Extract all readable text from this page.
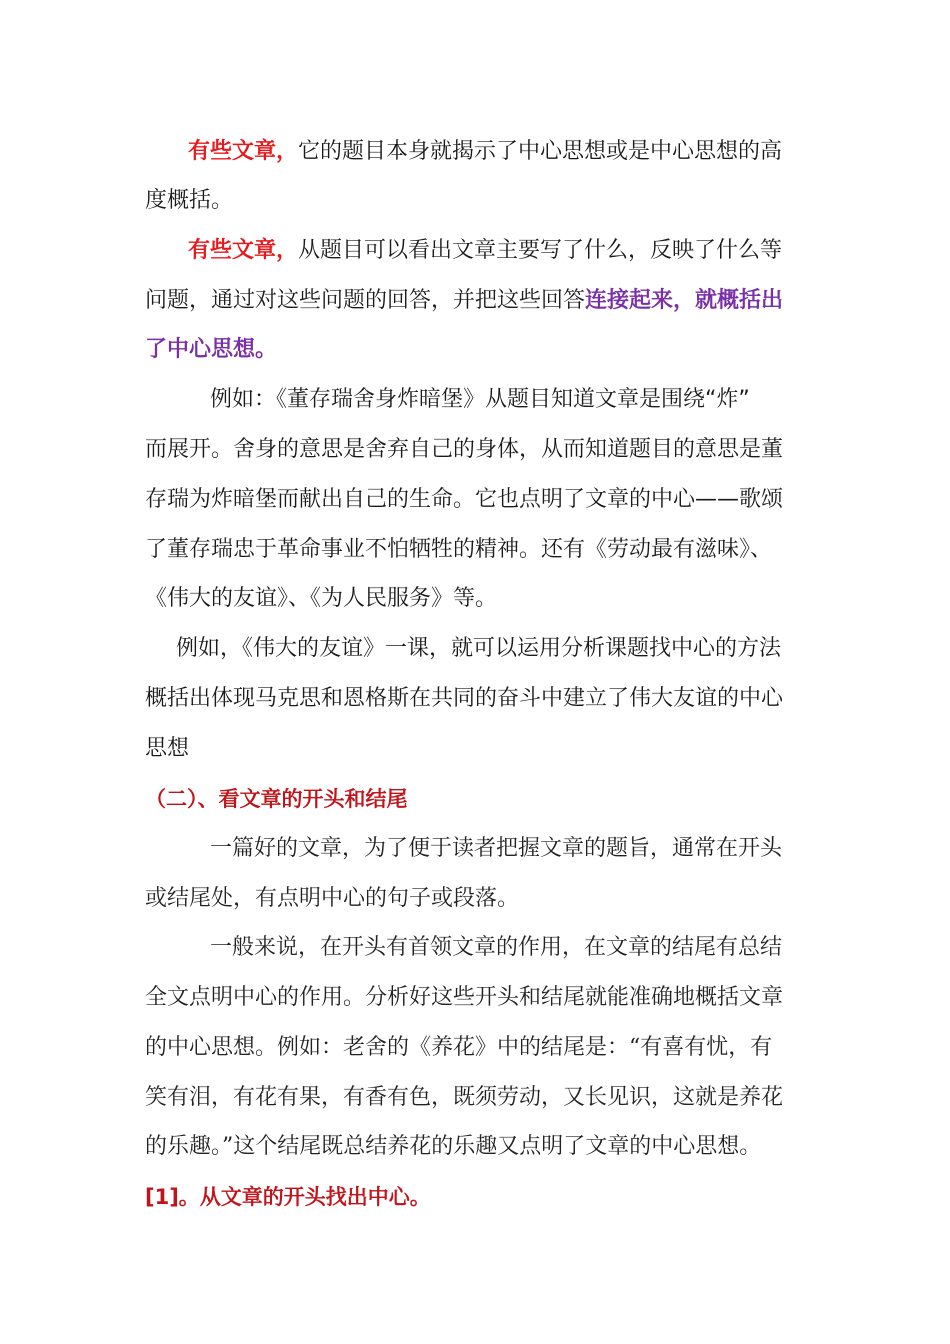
有些文章，它的题目本身就揭示了中心思想或是中心思想的高
度概括。
有些文章，从题目可以看出文章主要写了什么，反映了什么等
问题，通过对这些问题的回答，并把这些回答连接起来，就概括出
了中心思想。
例如：《董存瑞舍身炸暗堡》从题目知道文章是围绕“炸”
而展开。舍身的意思是舍弃自己的身体，从而知道题目的意思是董
存瑞为炸暗堡而献出自己的生命。它也点明了文章的中心——歌颂
了董存瑞忠于革命事业不怕牺牲的精神。还有《劳动最有滋味》、
《伟大的友谊》、《为人民服务》等。
例如，《伟大的友谊》一课，就可以运用分析课题找中心的方法
概括出体现马克思和恩格斯在共同的奋斗中建立了伟大友谊的中心
思想
（二）、看文章的开头和结尾
一篇好的文章，为了便于读者把握文章的题旨，通常在开头
或结尾处，有点明中心的句子或段落。
一般来说，在开头有首领文章的作用，在文章的结尾有总结
全文点明中心的作用。分析好这些开头和结尾就能准确地概括文章
的中心思想。例如：老舍的《养花》中的结尾是：“有喜有忧，有
笑有泪，有花有果，有香有色，既须劳动，又长见识，这就是养花
的乐趣。”这个结尾既总结养花的乐趣又点明了文章的中心思想。
[1]。从文章的开头找出中心。
